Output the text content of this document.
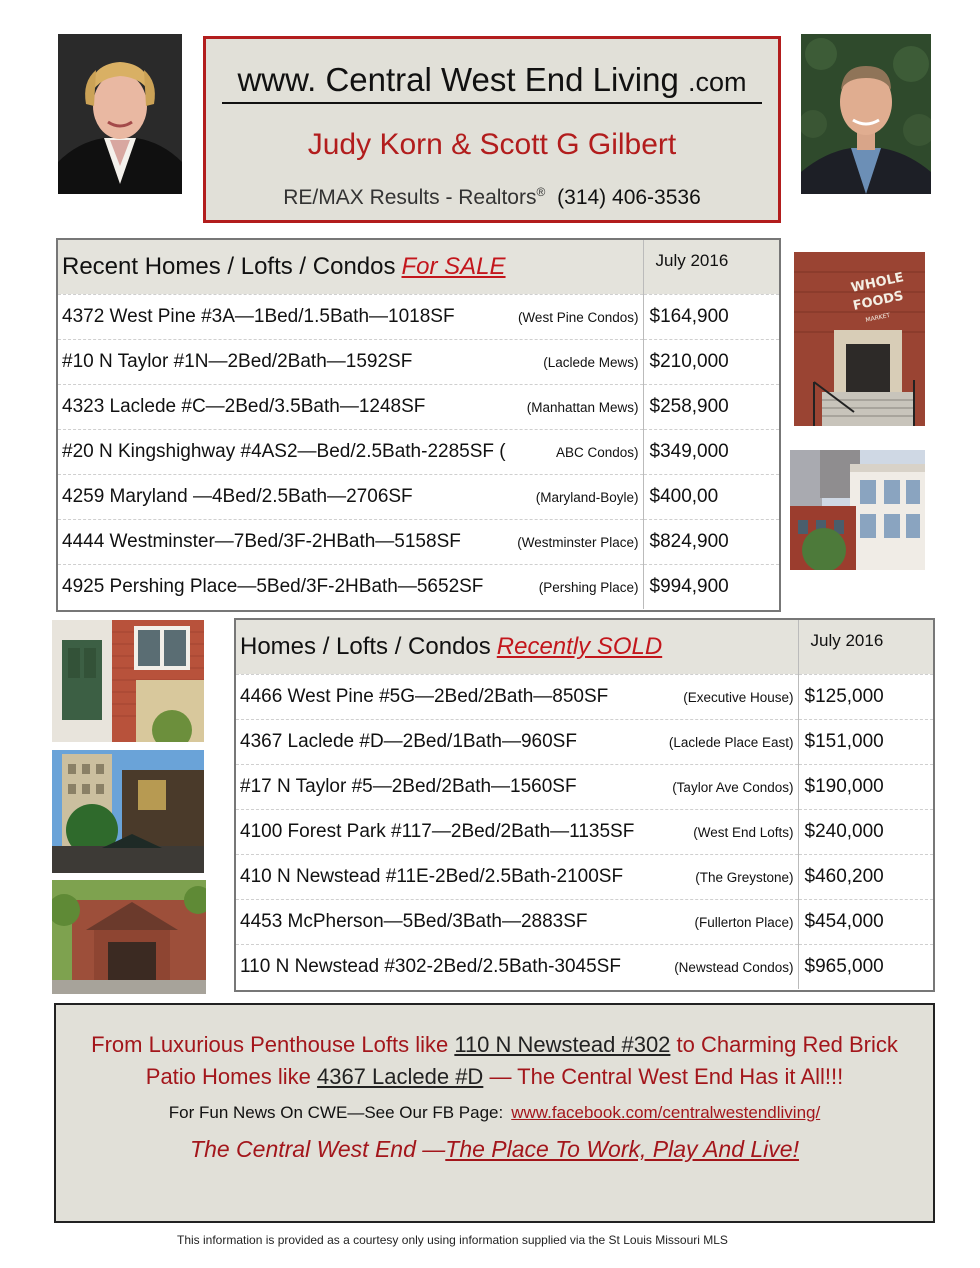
www. Central West End Living .com
Judy Korn & Scott G Gilbert
RE/MAX Results - Realtors® (314) 406-3536
Recent Homes / Lofts / Condos For SALE	July 2016

4372 West Pine #3A—1Bed/1.5Bath—1018SF (West Pine Condos)	$164,900

#10 N Taylor #1N—2Bed/2Bath—1592SF (Laclede Mews)	$210,000

4323 Laclede #C—2Bed/3.5Bath—1248SF (Manhattan Mews)	$258,900

#20 N Kingshighway #4AS2—Bed/2.5Bath-2285SF ( ABC Condos)	$349,000

4259 Maryland —4Bed/2.5Bath—2706SF (Maryland-Boyle)	$400,00

4444 Westminster—7Bed/3F-2HBath—5158SF (Westminster Place)	$824,900

4925 Pershing Place—5Bed/3F-2HBath—5652SF (Pershing Place)	$994,900
WHOLE
FOODS
MARKET
Homes / Lofts / Condos Recently SOLD	July 2016

4466 West Pine #5G—2Bed/2Bath—850SF (Executive House)	$125,000

4367 Laclede #D—2Bed/1Bath—960SF (Laclede Place East)	$151,000

#17 N Taylor #5—2Bed/2Bath—1560SF (Taylor Ave Condos)	$190,000

4100 Forest Park #117—2Bed/2Bath—1135SF (West End Lofts)	$240,000

410 N Newstead #11E-2Bed/2.5Bath-2100SF (The Greystone)	$460,200

4453 McPherson—5Bed/3Bath—2883SF (Fullerton Place)	$454,000

110 N Newstead #302-2Bed/2.5Bath-3045SF (Newstead Condos)	$965,000
From Luxurious Penthouse Lofts like 110 N Newstead #302 to Charming Red Brick
Patio Homes like 4367 Laclede #D — The Central West End Has it All!!!
For Fun News On CWE—See Our FB Page: www.facebook.com/centralwestendliving/
The Central West End —The Place To Work, Play And Live!
This information is provided as a courtesy only using information supplied via the St Louis Missouri MLS
